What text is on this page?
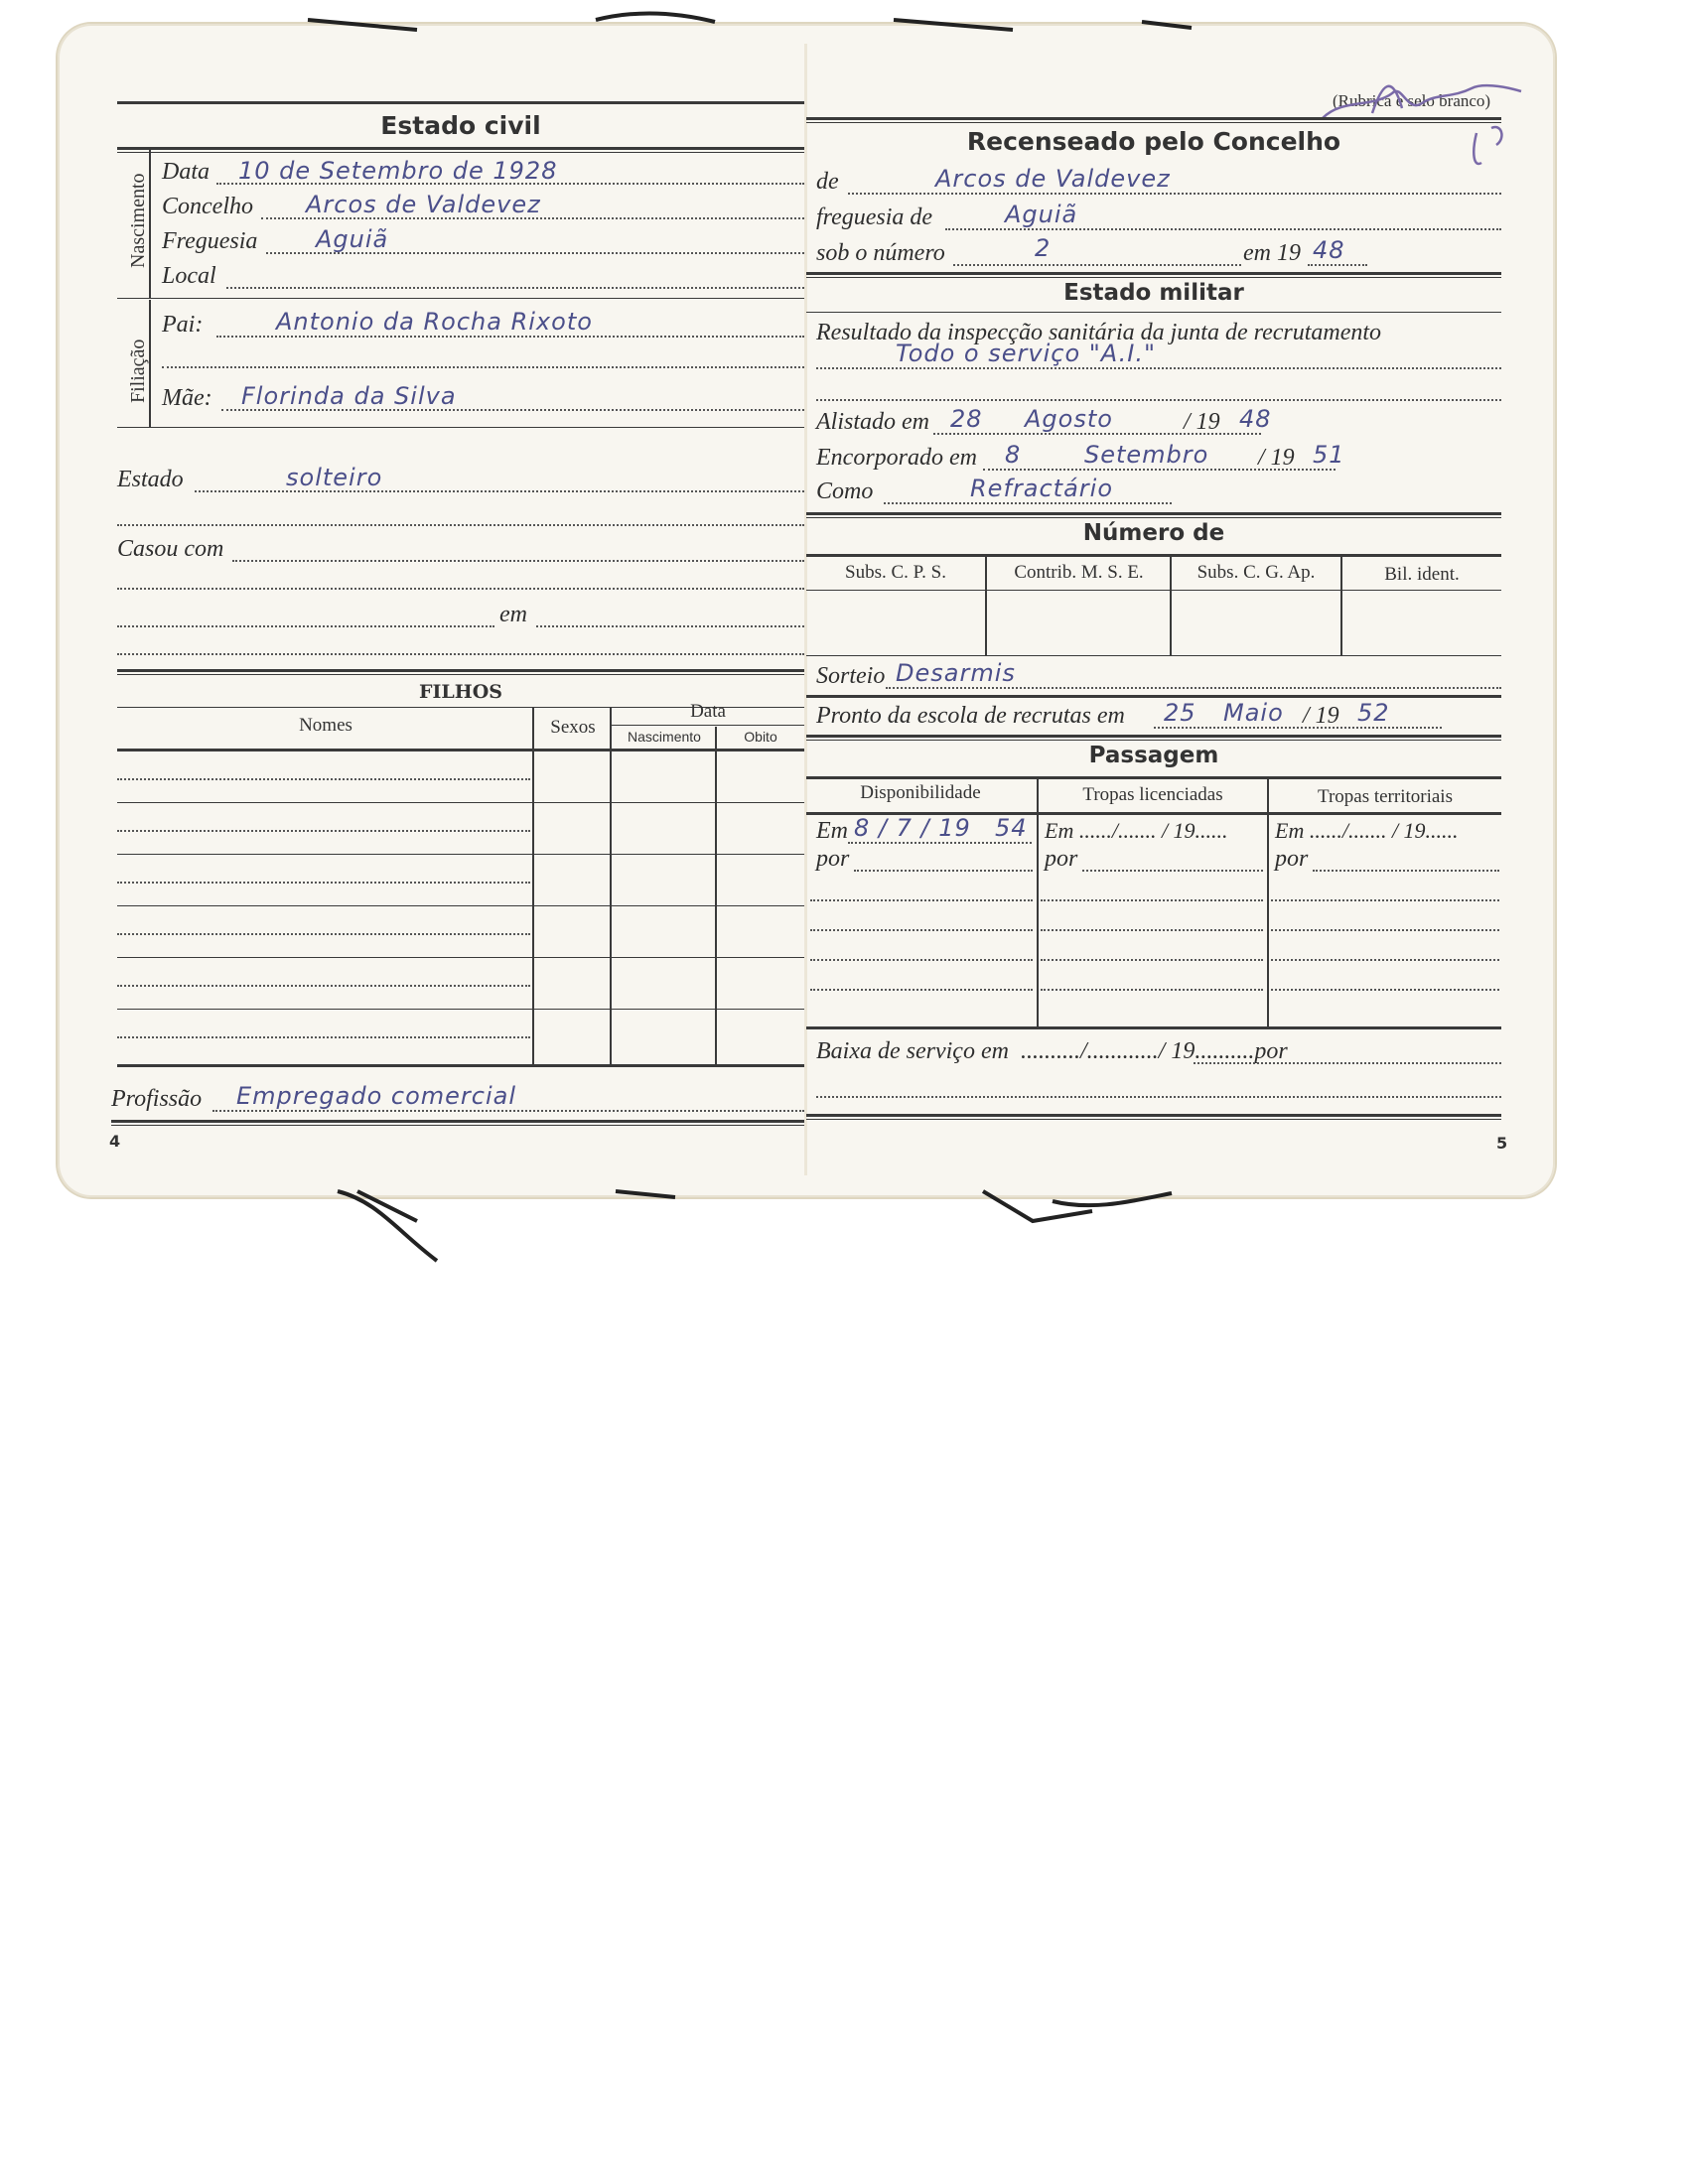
Estado civil
Nascimento
Data 10 de Setembro de 1928
Concelho Arcos de Valdevez
Freguesia Aguiã
Local
Filiação
Pai:	Antonio da Rocha Rixoto
Mãe: Florinda da Silva
Estado	solteiro
Casou com
em
FILHOS
Nomes	Sexos
Data
Nascimento	Obito
Profissão Empregado comercial
4
(Rubrica e selo branco)
Recenseado pelo Concelho
de	Arcos de Valdevez
freguesia de	Aguiã
sob o número	2	em 19 48
Estado militar
Resultado da inspecção sanitária da junta de recrutamento
Todo o serviço "A.I."
Alistado em 28 Agosto	/ 19 48
Encorporado em 8	Setembro / 19 51
Como	Refractário
Número de
Subs. C. P. S.	Contrib. M. S. E.	Subs. C. G. Ap.	Bil. ident.
Sorteio Desarmis
Pronto da escola de recrutas em 25 Maio / 19 52
Passagem
Disponibilidade	Tropas licenciadas	Tropas territoriais
Em 8 / 7 / 19 54
por
Em ....../....... / 19......
por
Em ....../....... / 19......
por
Baixa de serviço em ........../............/ 19..........por
5
